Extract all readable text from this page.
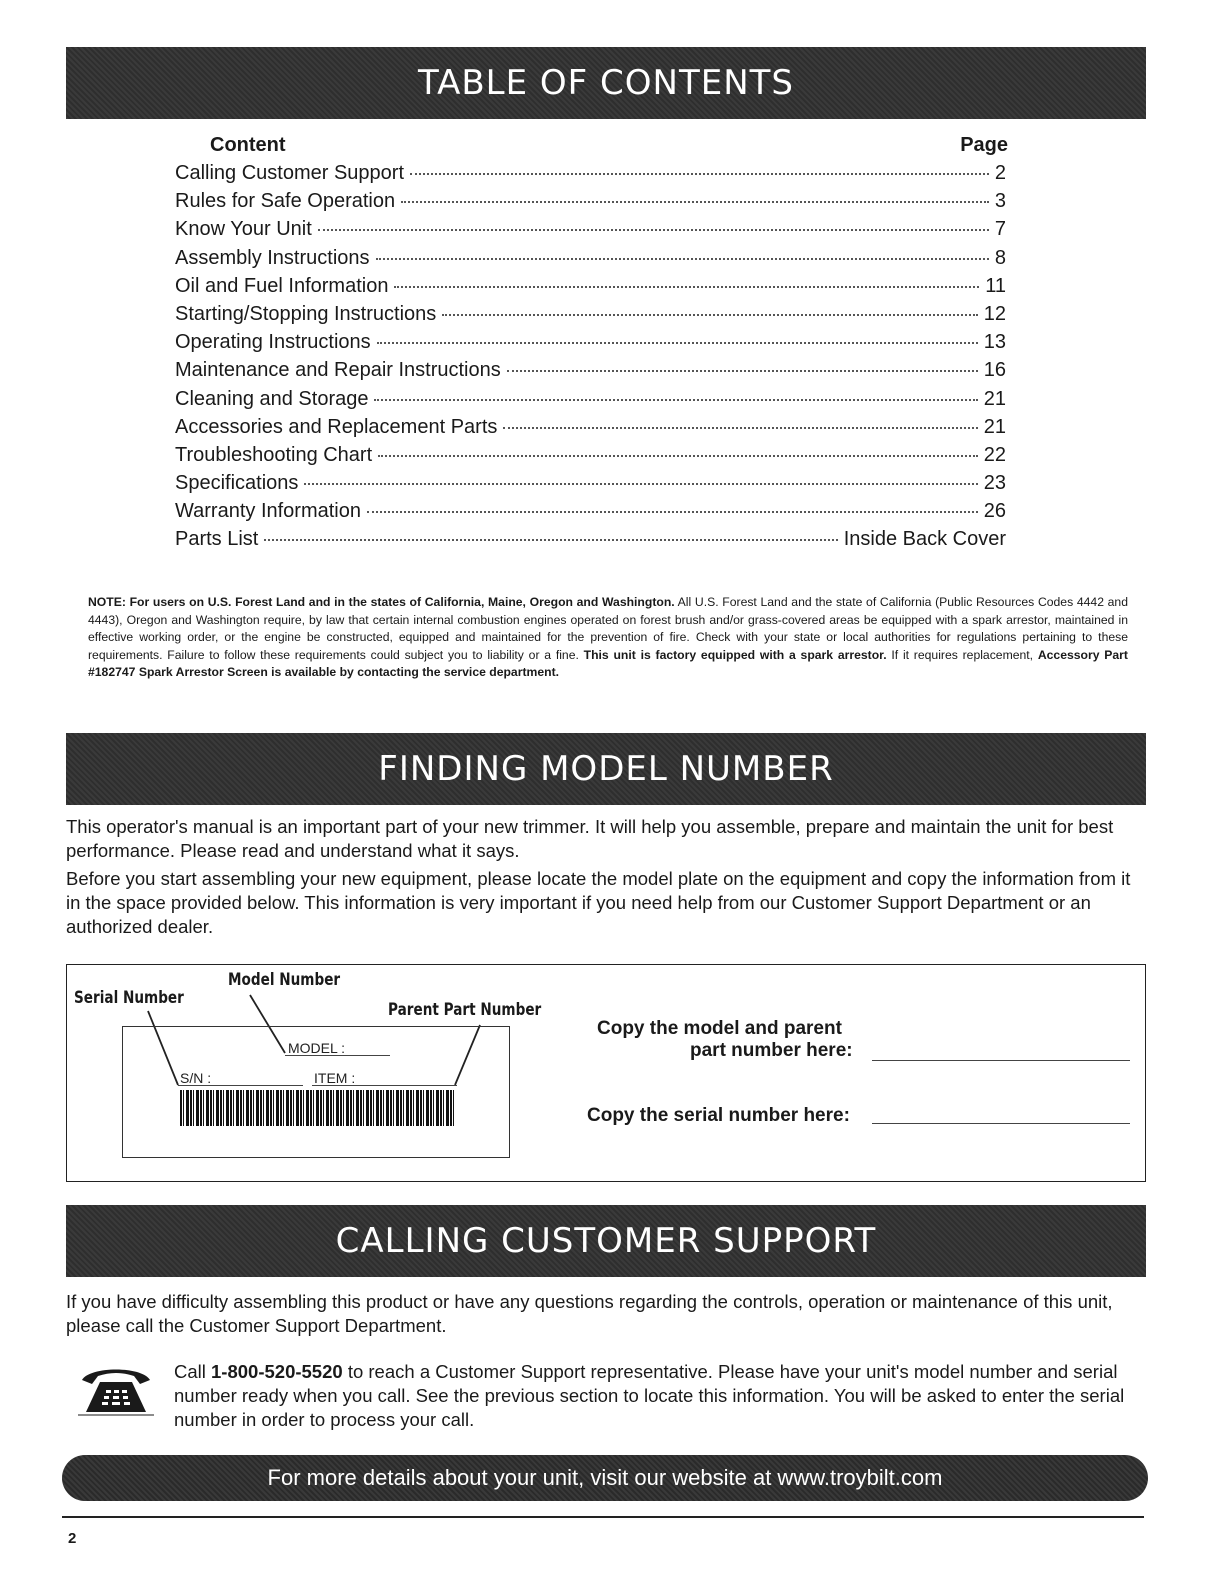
TABLE OF CONTENTS
Content	Page
Calling Customer Support	2
Rules for Safe Operation	3
Know Your Unit	7
Assembly Instructions	8
Oil and Fuel Information	11
Starting/Stopping Instructions	12
Operating Instructions	13
Maintenance and Repair Instructions	16
Cleaning and Storage	21
Accessories and Replacement Parts	21
Troubleshooting Chart	22
Specifications	23
Warranty Information	26
Parts List	Inside Back Cover
NOTE: For users on U.S. Forest Land and in the states of California, Maine, Oregon and Washington. All U.S. Forest Land and the state of California (Public Resources Codes 4442 and 4443), Oregon and Washington require, by law that certain internal combustion engines operated on forest brush and/or grass-covered areas be equipped with a spark arrestor, maintained in effective working order, or the engine be constructed, equipped and maintained for the prevention of fire. Check with your state or local authorities for regulations pertaining to these requirements. Failure to follow these requirements could subject you to liability or a fine. This unit is factory equipped with a spark arrestor. If it requires replacement, Accessory Part #182747 Spark Arrestor Screen is available by contacting the service department.
FINDING MODEL NUMBER
This operator's manual is an important part of your new trimmer. It will help you assemble, prepare and maintain the unit for best performance. Please read and understand what it says.
Before you start assembling your new equipment, please locate the model plate on the equipment and copy the information from it in the space provided below. This information is very important if you need help from our Customer Support Department or an authorized dealer.
Serial Number
Model Number
Parent Part Number
MODEL :
S/N :	ITEM :
Copy the model and parent
part number here:
Copy the serial number here:
CALLING CUSTOMER SUPPORT
If you have difficulty assembling this product or have any questions regarding the controls, operation or maintenance of this unit, please call the Customer Support Department.
Call 1-800-520-5520 to reach a Customer Support representative. Please have your unit's model number and serial number ready when you call. See the previous section to locate this information. You will be asked to enter the serial number in order to process your call.
For more details about your unit, visit our website at www.troybilt.com
2
